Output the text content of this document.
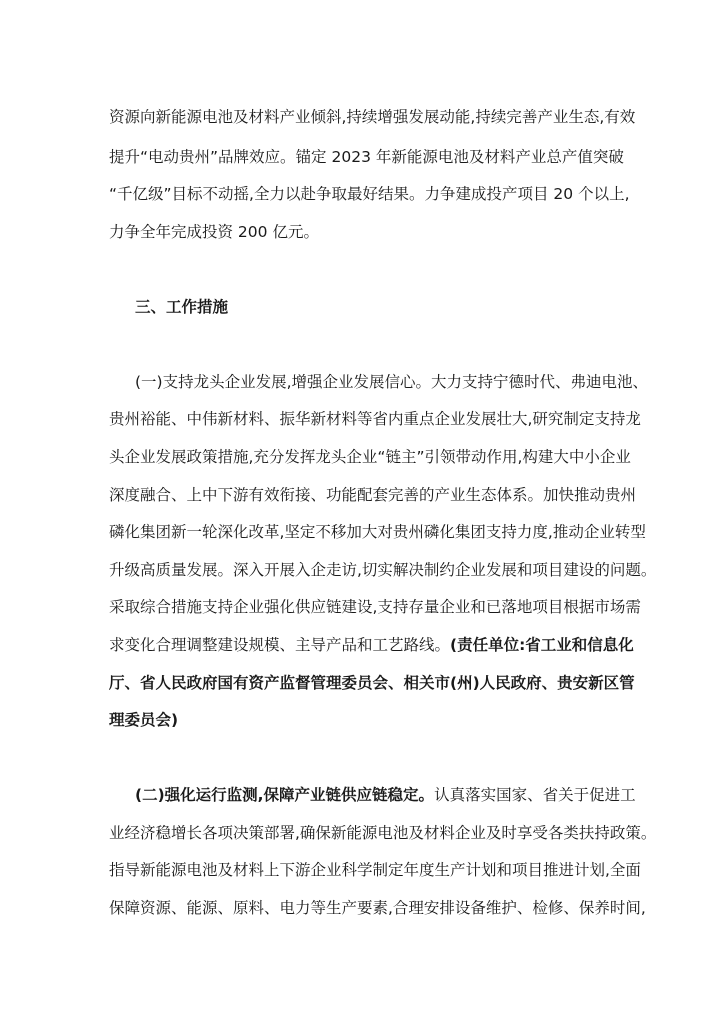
资源向新能源电池及材料产业倾斜,持续增强发展动能,持续完善产业生态,有效
提升“电动贵州”品牌效应。锚定 2023 年新能源电池及材料产业总产值突破
“千亿级”目标不动摇,全力以赴争取最好结果。力争建成投产项目 20 个以上,
力争全年完成投资 200 亿元。
三、工作措施
(一)支持龙头企业发展,增强企业发展信心。大力支持宁德时代、弗迪电池、
贵州裕能、中伟新材料、振华新材料等省内重点企业发展壮大,研究制定支持龙
头企业发展政策措施,充分发挥龙头企业“链主”引领带动作用,构建大中小企业
深度融合、上中下游有效衔接、功能配套完善的产业生态体系。加快推动贵州
磷化集团新一轮深化改革,坚定不移加大对贵州磷化集团支持力度,推动企业转型
升级高质量发展。深入开展入企走访,切实解决制约企业发展和项目建设的问题。
采取综合措施支持企业强化供应链建设,支持存量企业和已落地项目根据市场需
求变化合理调整建设规模、主导产品和工艺路线。(责任单位:省工业和信息化
厅、省人民政府国有资产监督管理委员会、相关市(州)人民政府、贵安新区管
理委员会)
(二)强化运行监测,保障产业链供应链稳定。认真落实国家、省关于促进工
业经济稳增长各项决策部署,确保新能源电池及材料企业及时享受各类扶持政策。
指导新能源电池及材料上下游企业科学制定年度生产计划和项目推进计划,全面
保障资源、能源、原料、电力等生产要素,合理安排设备维护、检修、保养时间,
